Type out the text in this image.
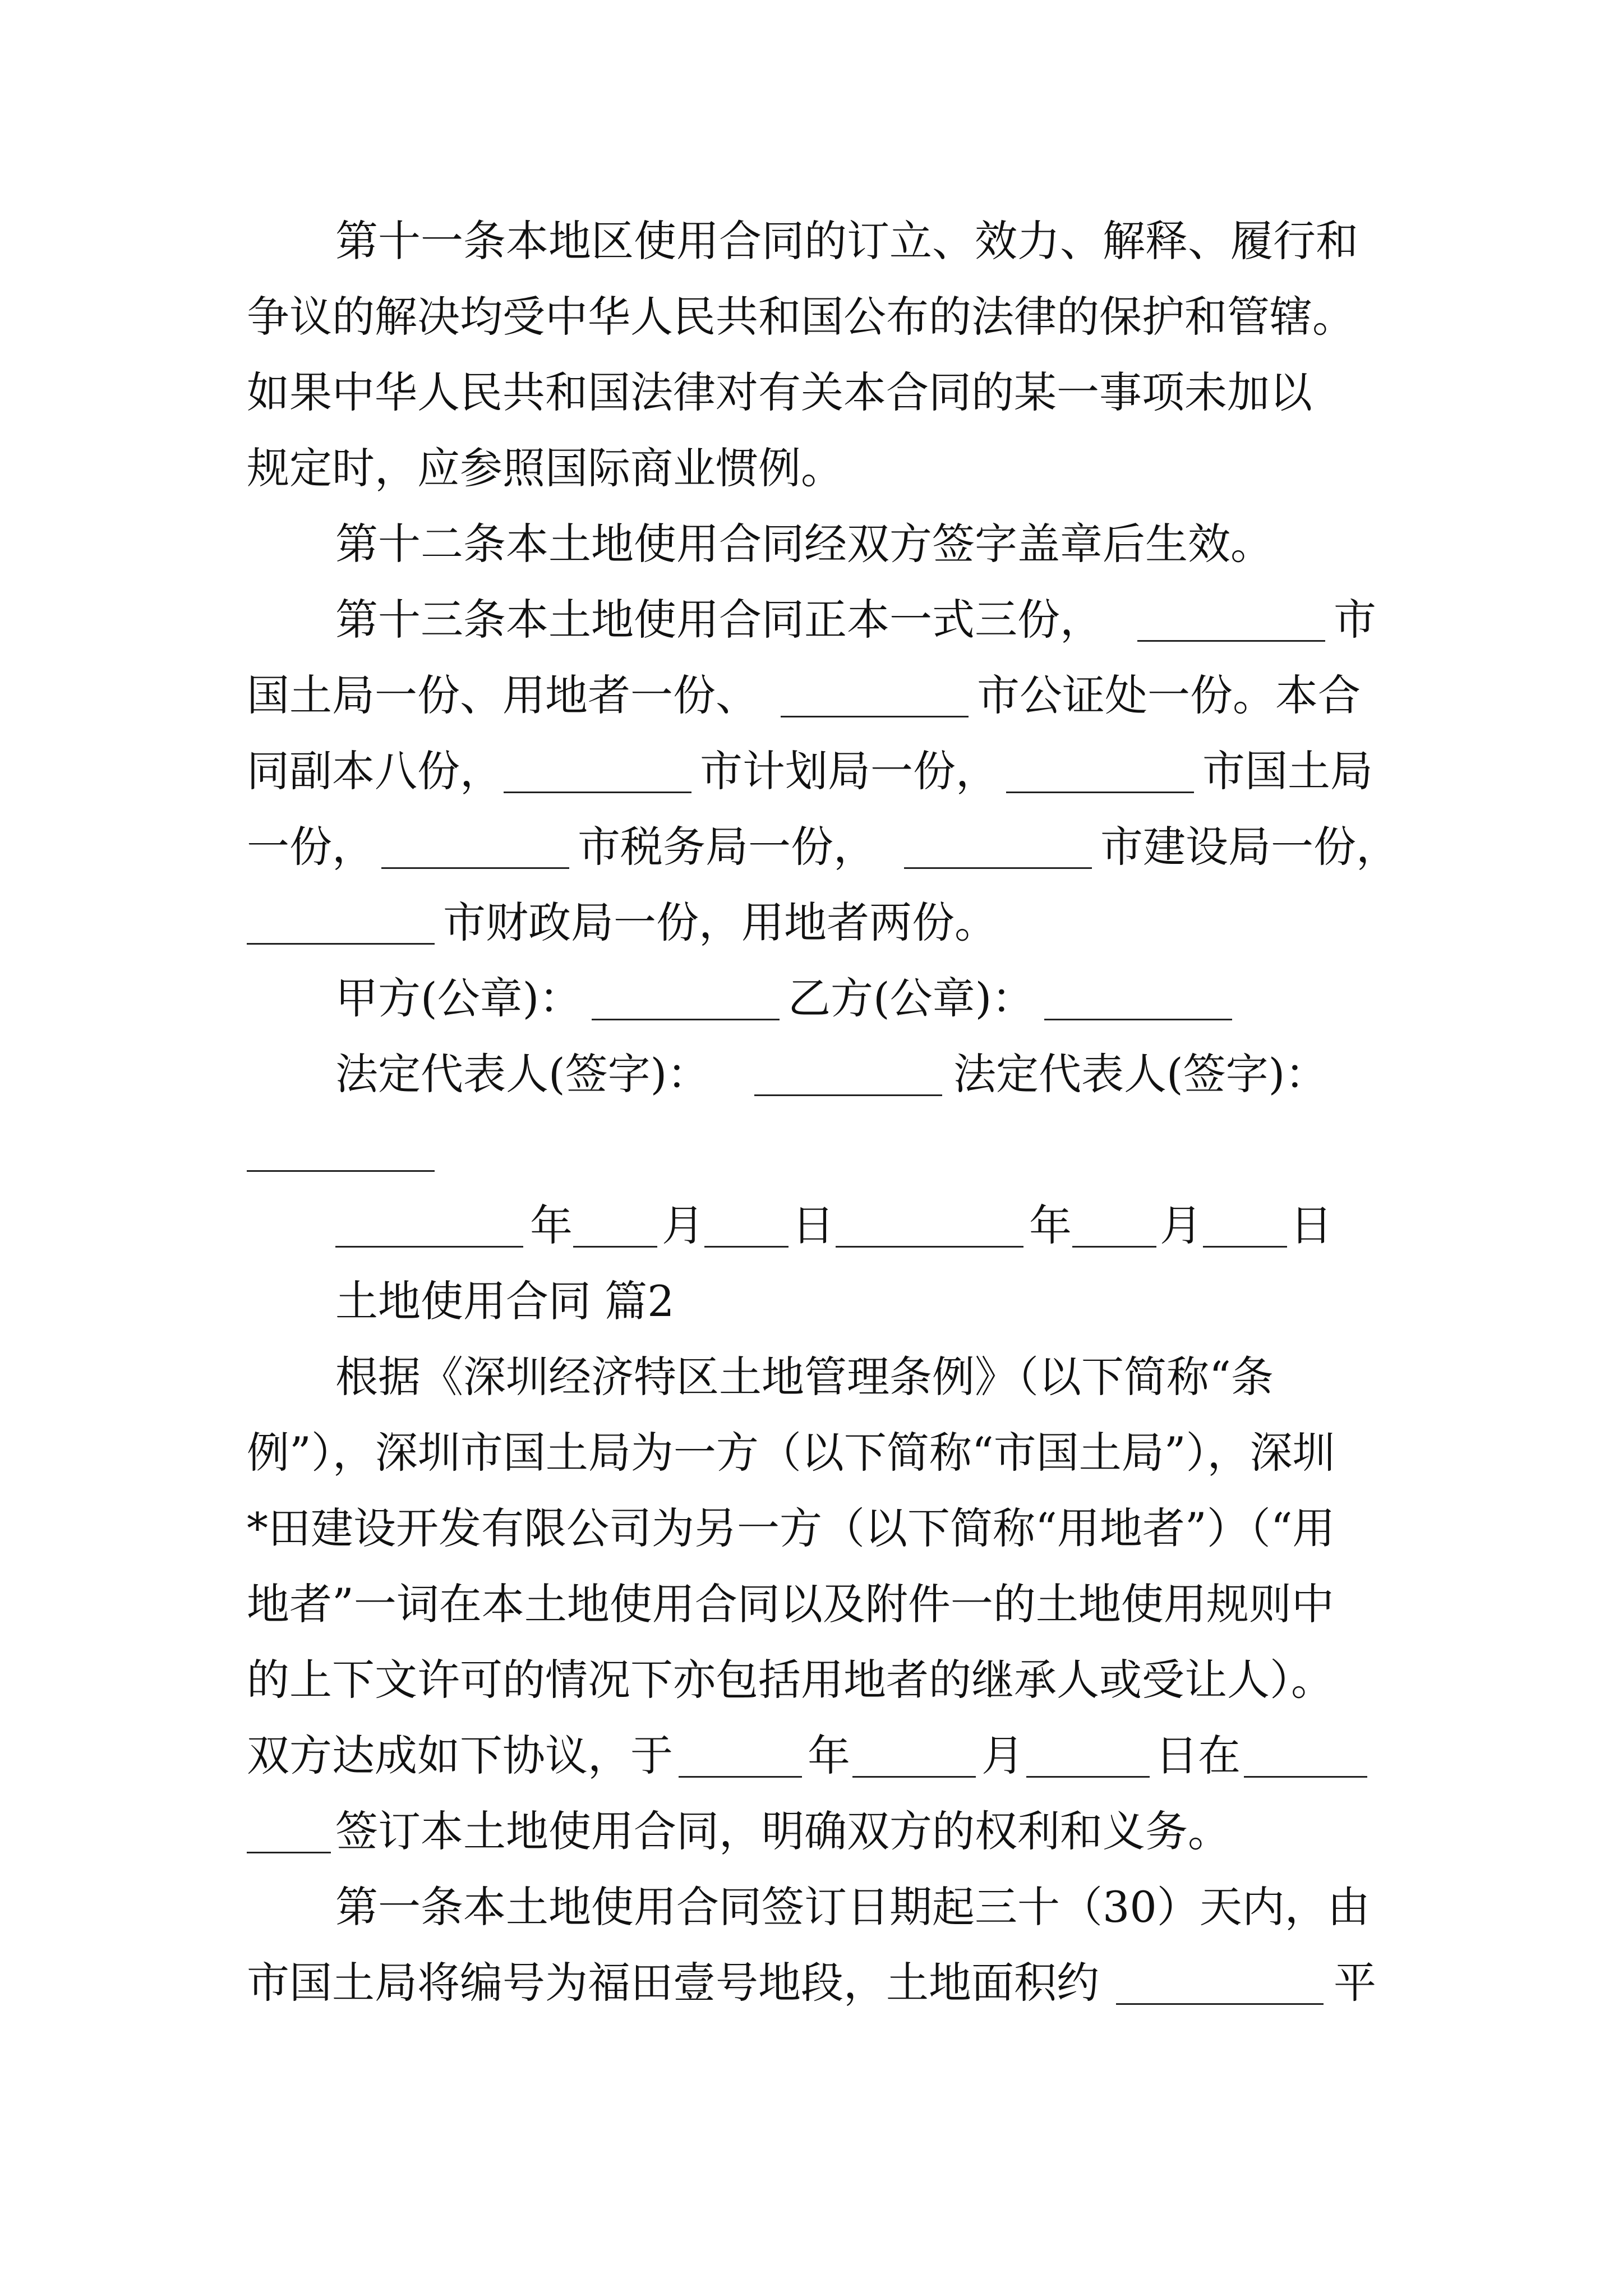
第十一条本地区使用合同的订立、效力、解释、履行和
争议的解决均受中华人民共和国公布的法律的保护和管辖。
如果中华人民共和国法律对有关本合同的某一事项未加以
规定时，应参照国际商业惯例。
第十二条本土地使用合同经双方签字盖章后生效。
第十三条本土地使用合同正本一式三份，	市
国土局一份、用地者一份、	市公证处一份。本合
同副本八份，	市计划局一份，	市国土局
一份，	市税务局一份，	市建设局一份，
市财政局一份，用地者两份。
甲方(公章)：	乙方(公章)：
法定代表人(签字)：	法定代表人(签字)：
年 月 日	年 月 日
土地使用合同 篇2
根据《深圳经济特区土地管理条例》（以下简称“条
例”），深圳市国土局为一方（以下简称“市国土局”），深圳
*田建设开发有限公司为另一方（以下简称“用地者”）（“用
地者”一词在本土地使用合同以及附件一的土地使用规则中
的上下文许可的情况下亦包括用地者的继承人或受让人）。
双方达成如下协议，于	年	月	日在
签订本土地使用合同，明确双方的权利和义务。
第一条本土地使用合同签订日期起三十（30）天内，由
市国土局将编号为福田壹号地段，土地面积约	平
